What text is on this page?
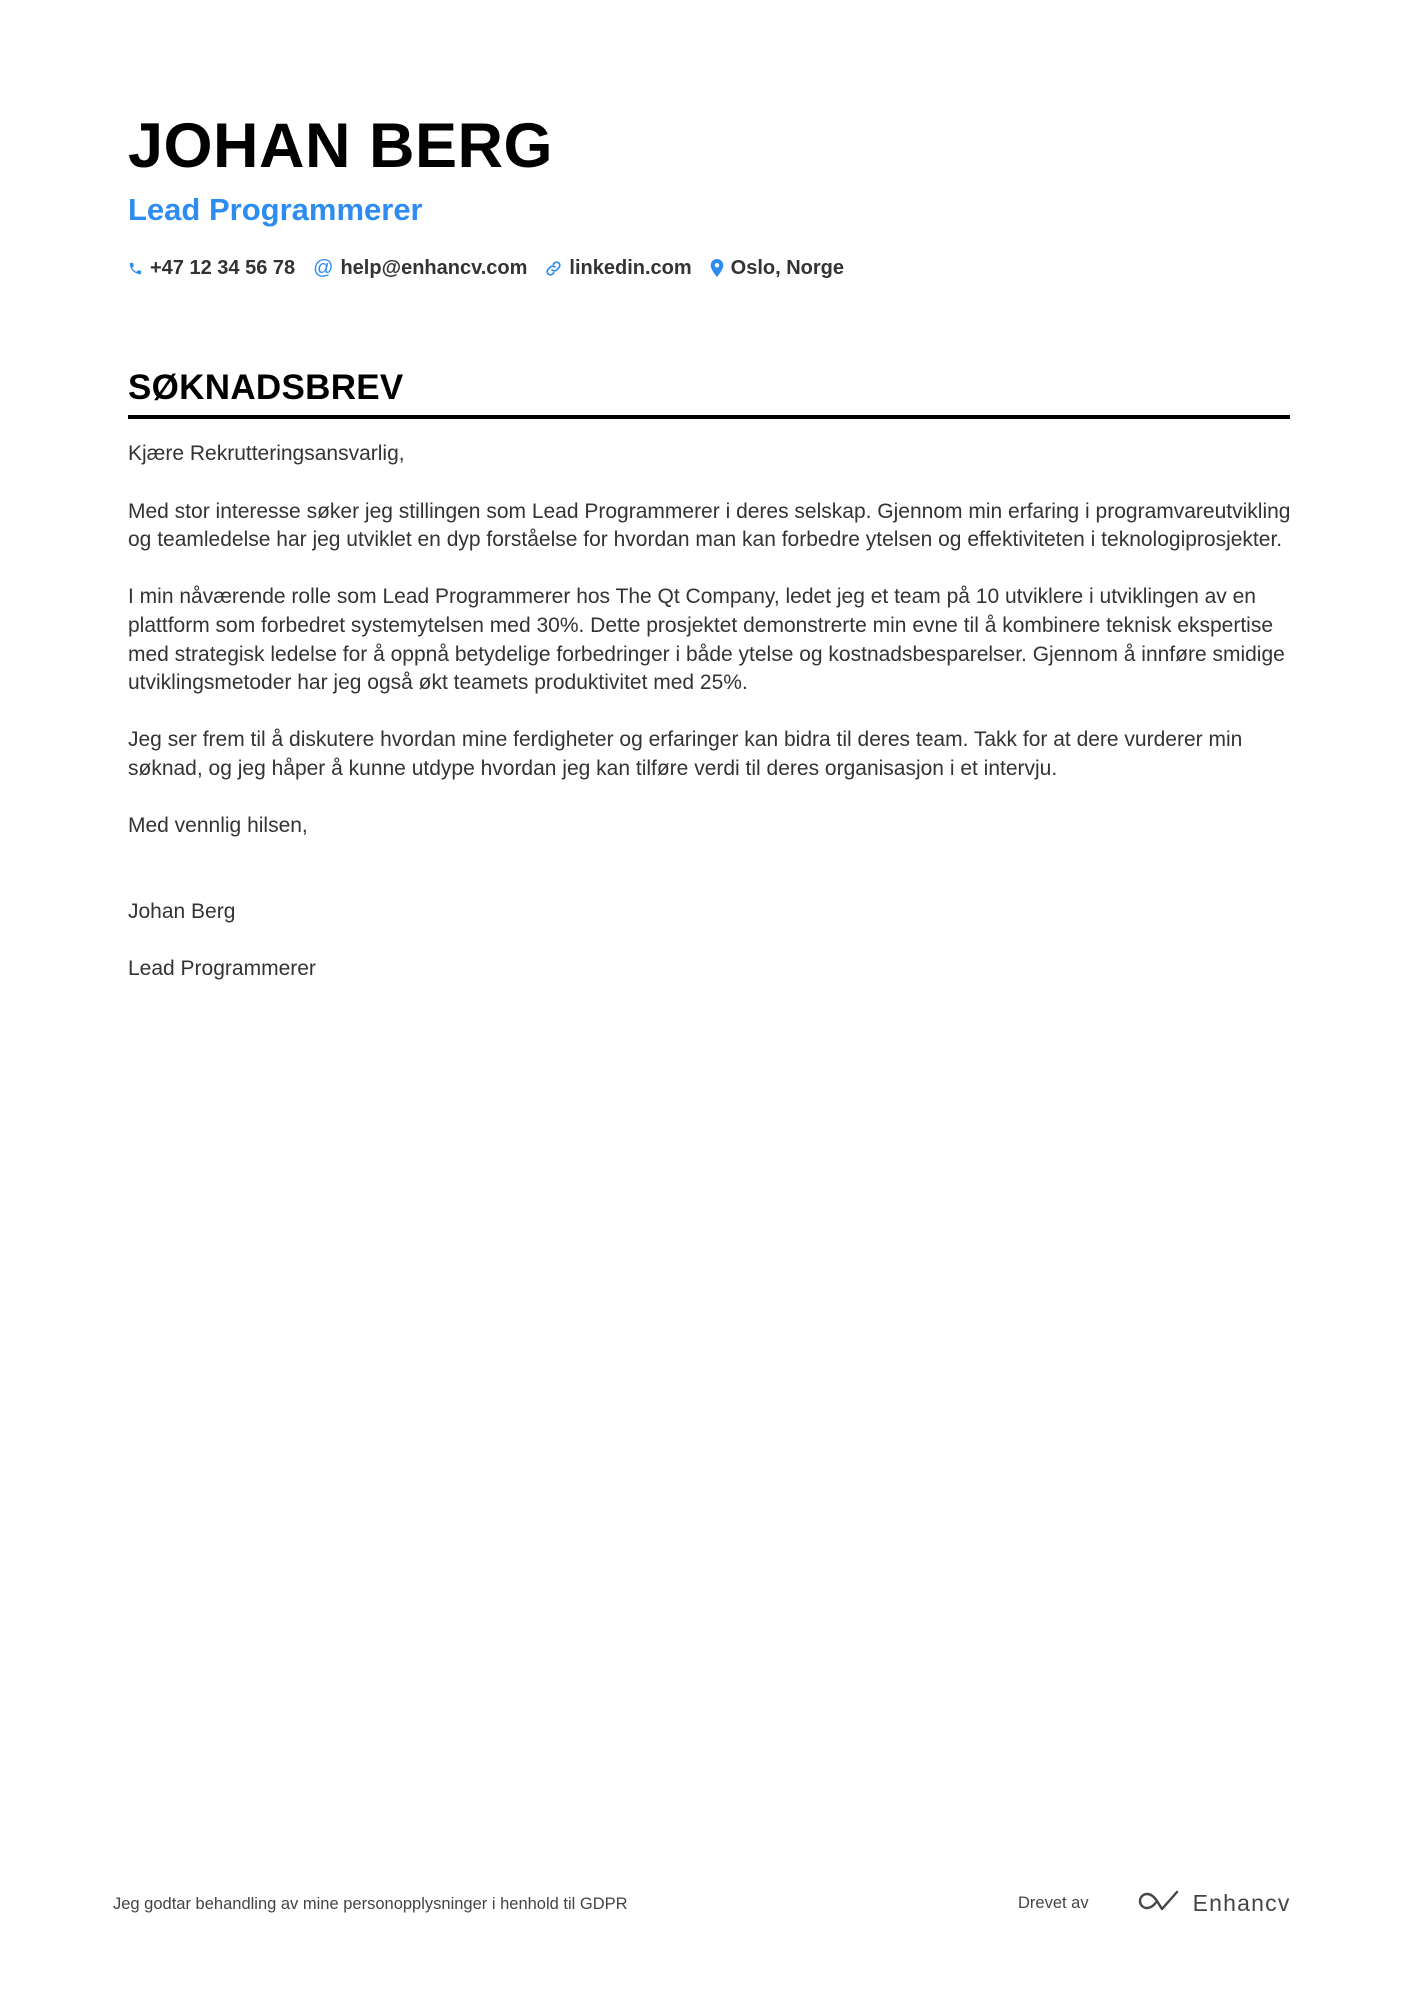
JOHAN BERG
Lead Programmerer
+47 12 34 56 78 @ help@enhancv.com linkedin.com Oslo, Norge
SØKNADSBREV

Kjære Rekrutteringsansvarlig,

Med stor interesse søker jeg stillingen som Lead Programmerer i deres selskap. Gjennom min erfaring i programvareutvikling og teamledelse har jeg utviklet en dyp forståelse for hvordan man kan forbedre ytelsen og effektiviteten i teknologiprosjekter.

I min nåværende rolle som Lead Programmerer hos The Qt Company, ledet jeg et team på 10 utviklere i utviklingen av en plattform som forbedret systemytelsen med 30%. Dette prosjektet demonstrerte min evne til å kombinere teknisk ekspertise med strategisk ledelse for å oppnå betydelige forbedringer i både ytelse og kostnadsbesparelser. Gjennom å innføre smidige utviklingsmetoder har jeg også økt teamets produktivitet med 25%.

Jeg ser frem til å diskutere hvordan mine ferdigheter og erfaringer kan bidra til deres team. Takk for at dere vurderer min søknad, og jeg håper å kunne utdype hvordan jeg kan tilføre verdi til deres organisasjon i et intervju.

Med vennlig hilsen,

Johan Berg

Lead Programmerer

Jeg godtar behandling av mine personopplysninger i henhold til GDPR	Drevet av	Enhancv
